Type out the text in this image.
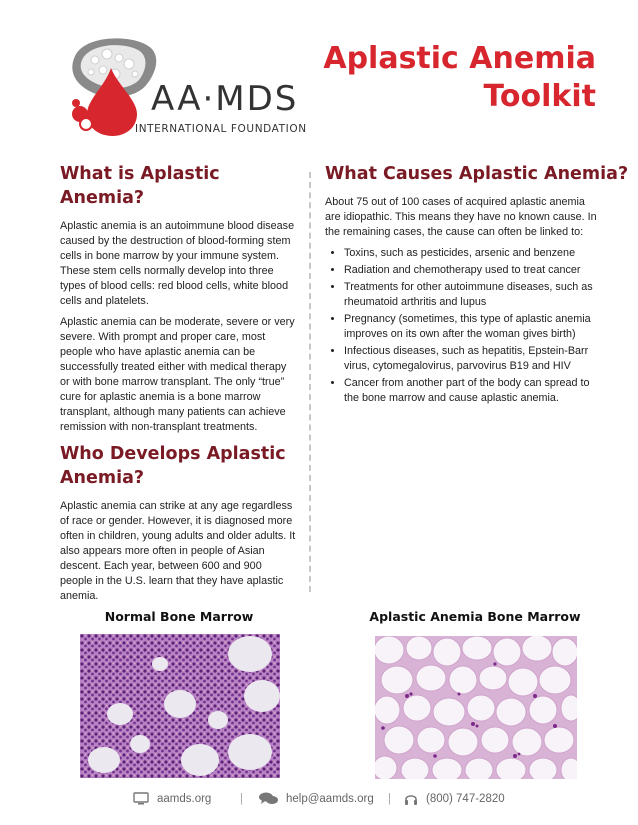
AA·MDS
INTERNATIONAL FOUNDATION
Aplastic Anemia
Toolkit
What is Aplastic Anemia?

Aplastic anemia is an autoimmune blood disease caused by the destruction of blood-forming stem cells in bone marrow by your immune system. These stem cells normally develop into three types of blood cells: red blood cells, white blood cells and platelets.

Aplastic anemia can be moderate, severe or very severe. With prompt and proper care, most people who have aplastic anemia can be successfully treated either with medical therapy or with bone marrow transplant. The only “true” cure for aplastic anemia is a bone marrow transplant, although many patients can achieve remission with non-transplant treatments.

Who Develops Aplastic Anemia?

Aplastic anemia can strike at any age regardless of race or gender. However, it is diagnosed more often in children, young adults and older adults. It also appears more often in people of Asian descent. Each year, between 600 and 900 people in the U.S. learn that they have aplastic anemia.

What Causes Aplastic Anemia?

About 75 out of 100 cases of acquired aplastic anemia are idiopathic. This means they have no known cause. In the remaining cases, the cause can often be linked to:

• Toxins, such as pesticides, arsenic and benzene
• Radiation and chemotherapy used to treat cancer
• Treatments for other autoimmune diseases, such as rheumatoid arthritis and lupus
• Pregnancy (sometimes, this type of aplastic anemia improves on its own after the woman gives birth)
• Infectious diseases, such as hepatitis, Epstein-Barr virus, cytomegalovirus, parvovirus B19 and HIV
• Cancer from another part of the body can spread to the bone marrow and cause aplastic anemia.
Normal Bone Marrow	Aplastic Anemia Bone Marrow
aamds.org |	help@aamds.org |	(800) 747-2820
